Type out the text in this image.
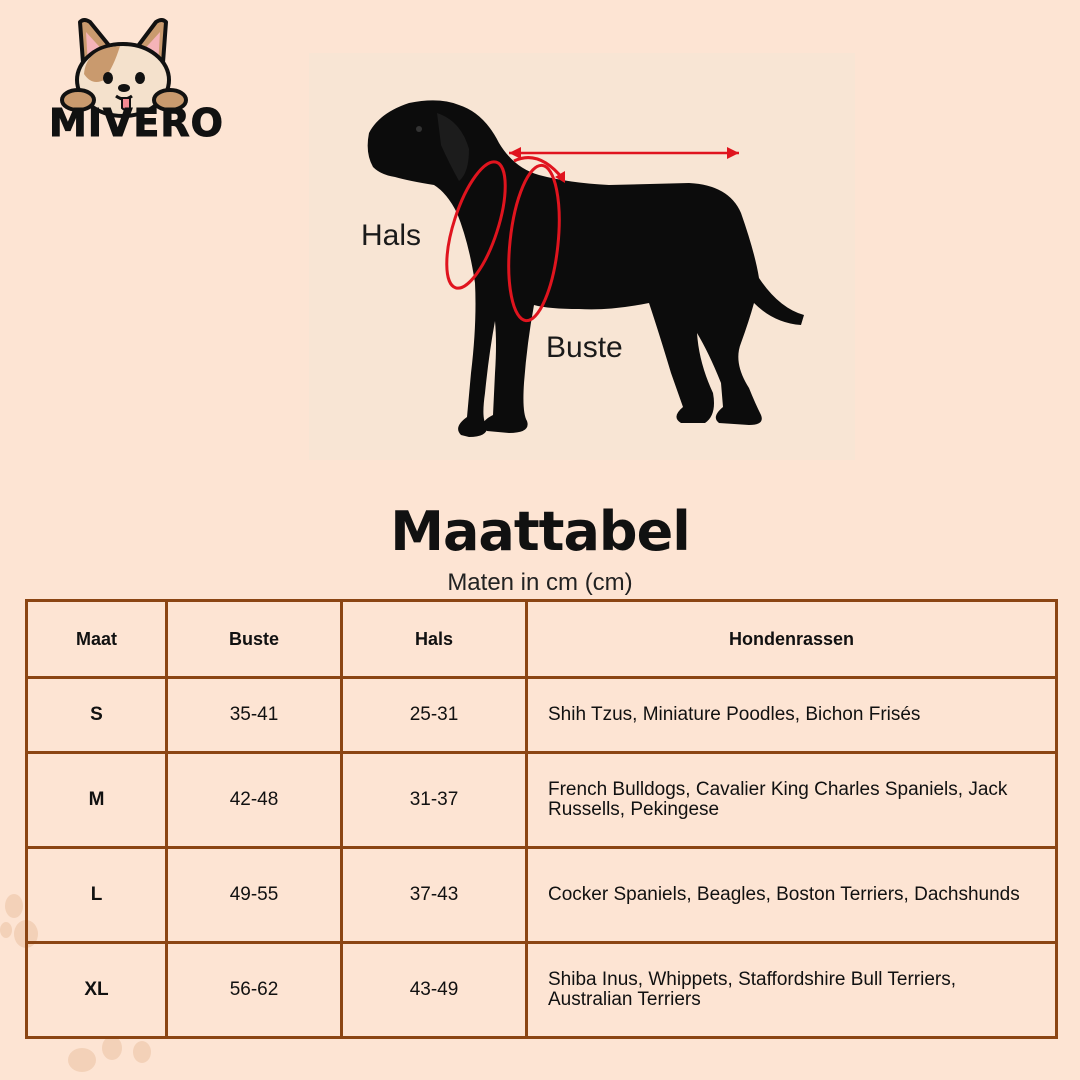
MIVERO
Hals
Buste
Maattabel
Maten in cm (cm)
Maat	Buste	Hals	Hondenrassen
S	35-41	25-31	Shih Tzus, Miniature Poodles, Bichon Frisés
M	42-48	31-37	French Bulldogs, Cavalier King Charles Spaniels, Jack Russells, Pekingese
L	49-55	37-43	Cocker Spaniels, Beagles, Boston Terriers, Dachshunds
XL	56-62	43-49	Shiba Inus, Whippets, Staffordshire Bull Terriers, Australian Terriers
